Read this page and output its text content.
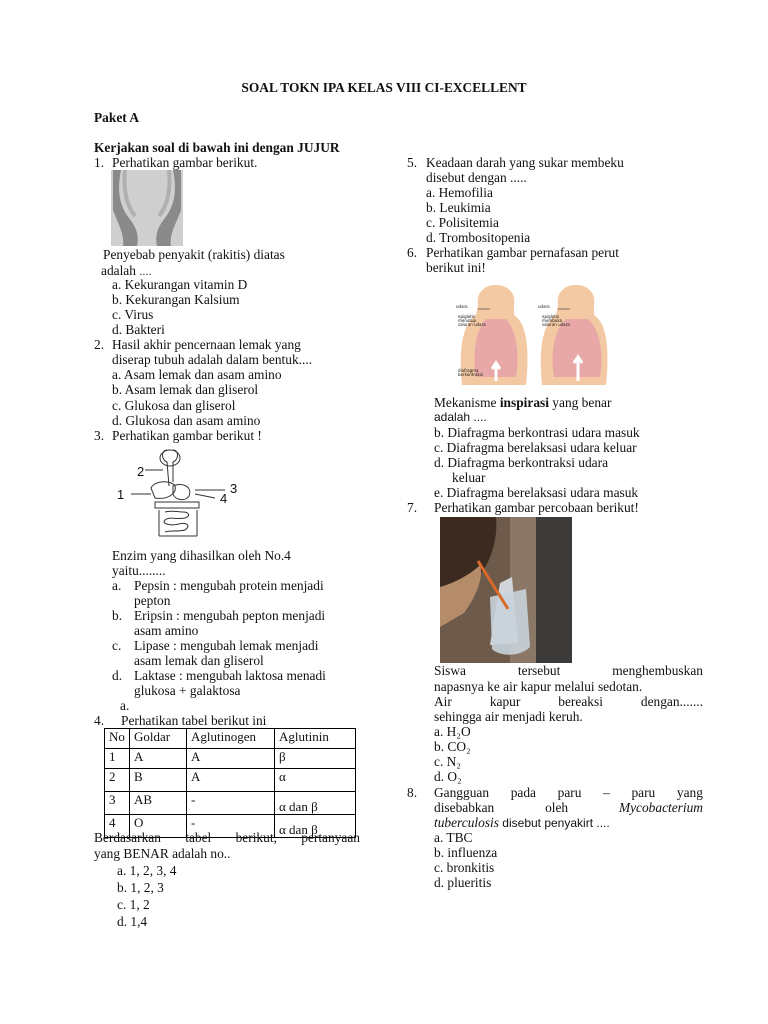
SOAL TOKN IPA KELAS VIII CI-EXCELLENT
Paket A
Kerjakan soal di bawah ini dengan JUJUR
1. Perhatikan gambar berikut.
Penyebab penyakit (rakitis) diatas
adalah ....
a. Kekurangan vitamin D
b. Kekurangan Kalsium
c. Virus
d. Bakteri
2. Hasil akhir pencernaan lemak yang
diserap tubuh adalah dalam bentuk....
a. Asam lemak dan asam amino
b. Asam lemak dan gliserol
c. Glukosa dan gliserol
d. Glukosa dan asam amino
3. Perhatikan gambar berikut !
2
1	3
4
Enzim yang dihasilkan oleh No.4
yaitu........
a. Pepsin : mengubah protein menjadi
pepton
b. Eripsin : mengubah pepton menjadi
asam amino
c. Lipase : mengubah lemak menjadi
asam lemak dan gliserol
d. Laktase : mengubah laktosa menadi
glukosa + galaktosa
a.
4. Perhatikan tabel berikut ini
No	Goldar	Aglutinogen	Aglutinin
1	A	A	β
2	B	A	α
3	AB	-	α dan β
4	O	-	α dan β
Berdasarkan tabel berikut, pertanyaan
yang BENAR adalah no..
a. 1, 2, 3, 4
b. 1, 2, 3
c. 1, 2
d. 1,4
5. Keadaan darah yang sukar membeku
disebut dengan .....
a. Hemofilia
b. Leukimia
c. Polisitemia
d. Trombositopenia
6. Perhatikan gambar pernafasan perut
berikut ini!
udara	udara
epiglotis menutup saluran udara
epiglotis membuka saluran udara
diafragma berkontraksi
Mekanisme inspirasi yang benar
adalah ....
b. Diafragma berkontrasi udara masuk
c. Diafragma berelaksasi udara keluar
d. Diafragma berkontraksi udara
keluar
e. Diafragma berelaksasi udara masuk
7. Perhatikan gambar percobaan berikut!
Siswa	tersebut	menghembuskan
napasnya ke air kapur melalui sedotan.
Air	kapur	bereaksi	dengan.......
sehingga air menjadi keruh.
a. H₂O
b. CO₂
c. N₂
d. O₂
8. Gangguan pada paru – paru yang
disebabkan	oleh	Mycobacterium
tuberculosis disebut penyakirt ....
a. TBC
b. influenza
c. bronkitis
d. plueritis
